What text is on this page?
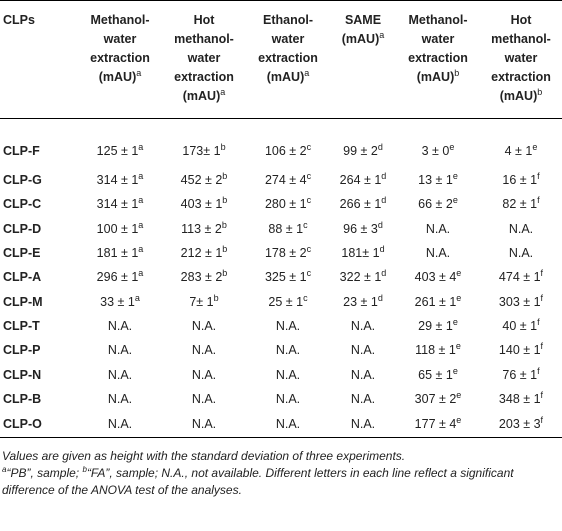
CLPs	Methanol-
water
extraction
(mAU)$^a$	Hot
methanol-
water
extraction
(mAU)$^a$	Ethanol-
water
extraction
(mAU)$^a$	SAME
(mAU)$^a$	Methanol-
water
extraction
(mAU)$^b$	Hot
methanol-
water
extraction
(mAU)$^b$
CLP-F	$125 \pm 1^a$	$173\pm 1^b$	$106 \pm 2^c$	$99 \pm 2^d$	$3 \pm 0^e$	$4 \pm 1^e$
CLP-G	$314 \pm 1^a$	$452 \pm 2^b$	$274 \pm 4^c$	$264 \pm 1^d$	$13 \pm 1^e$	$16 \pm 1^f$
CLP-C	$314 \pm 1^a$	$403 \pm 1^b$	$280 \pm 1^c$	$266 \pm 1^d$	$66 \pm 2^e$	$82 \pm 1^f$
CLP-D	$100 \pm 1^a$	$113 \pm 2^b$	$88 \pm 1^c$	$96 \pm 3^d$	N.A.	N.A.
CLP-E	$181 \pm 1^a$	$212 \pm 1^b$	$178 \pm 2^c$	$181\pm 1^d$	N.A.	N.A.
CLP-A	$296 \pm 1^a$	$283 \pm 2^b$	$325 \pm 1^c$	$322 \pm 1^d$	$403 \pm 4^e$	$474 \pm 1^f$
CLP-M	$33 \pm 1^a$	$7\pm 1^b$	$25 \pm 1^c$	$23 \pm 1^d$	$261 \pm 1^e$	$303 \pm 1^f$
CLP-T	N.A.	N.A.	N.A.	N.A.	$29 \pm 1^e$	$40 \pm 1^f$
CLP-P	N.A.	N.A.	N.A.	N.A.	$118 \pm 1^e$	$140 \pm 1^f$
CLP-N	N.A.	N.A.	N.A.	N.A.	$65 \pm 1^e$	$76 \pm 1^f$
CLP-B	N.A.	N.A.	N.A.	N.A.	$307 \pm 2^e$	$348 \pm 1^f$
CLP-O	N.A.	N.A.	N.A.	N.A.	$177 \pm 4^e$	$203 \pm 3^f$

Values are given as height with the standard deviation of three experiments.

$^a$“PB”, sample; $^b$“FA”, sample; N.A., not available. Different letters in each line reflect a significant difference of the ANOVA test of the analyses.
